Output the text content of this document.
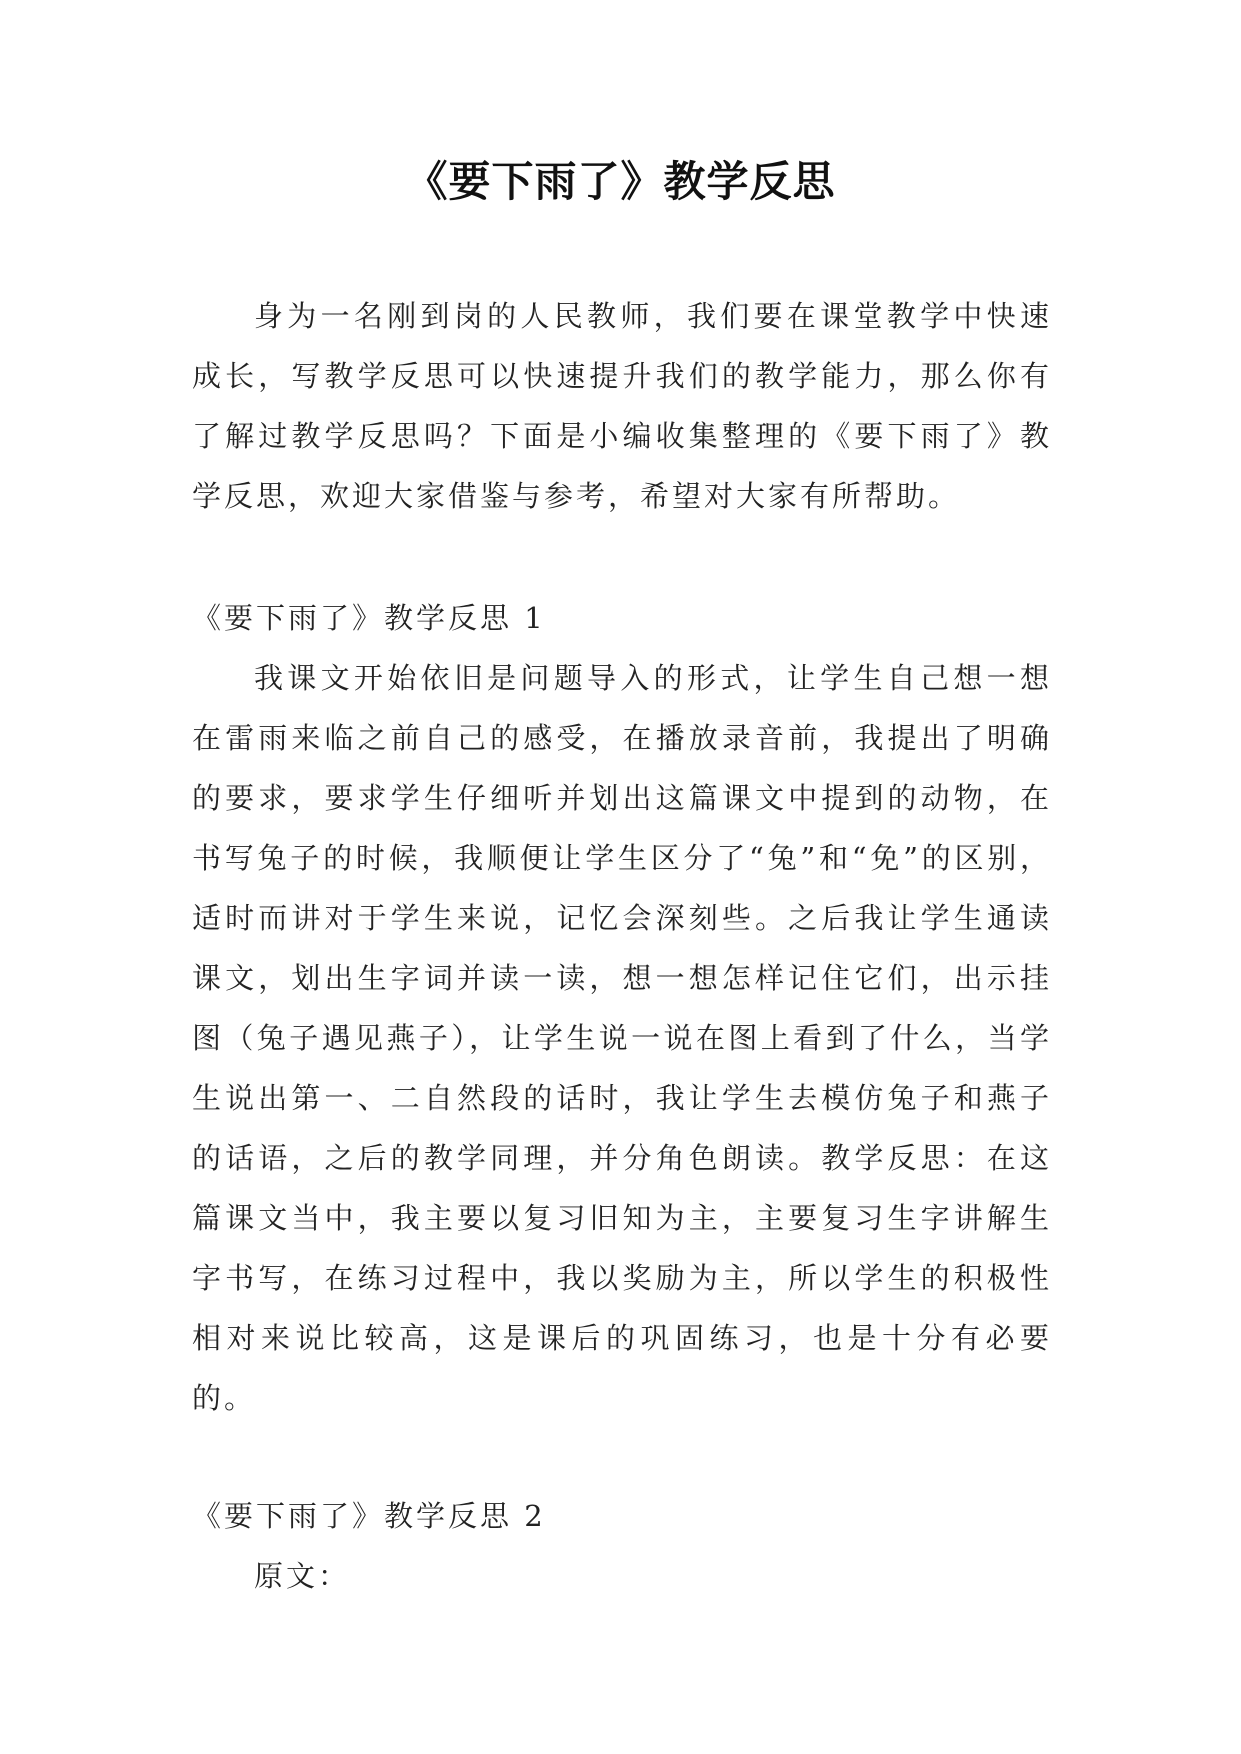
《要下雨了》教学反思

身为一名刚到岗的人民教师，我们要在课堂教学中快速成长，写教学反思可以快速提升我们的教学能力，那么你有了解过教学反思吗？下面是小编收集整理的《要下雨了》教学反思，欢迎大家借鉴与参考，希望对大家有所帮助。

《要下雨了》教学反思 1

我课文开始依旧是问题导入的形式，让学生自己想一想在雷雨来临之前自己的感受，在播放录音前，我提出了明确的要求，要求学生仔细听并划出这篇课文中提到的动物，在书写兔子的时候，我顺便让学生区分了“兔”和“免”的区别，适时而讲对于学生来说，记忆会深刻些。之后我让学生通读课文，划出生字词并读一读，想一想怎样记住它们，出示挂图（兔子遇见燕子），让学生说一说在图上看到了什么，当学生说出第一、二自然段的话时，我让学生去模仿兔子和燕子的话语，之后的教学同理，并分角色朗读。教学反思：在这篇课文当中，我主要以复习旧知为主，主要复习生字讲解生字书写，在练习过程中，我以奖励为主，所以学生的积极性相对来说比较高，这是课后的巩固练习，也是十分有必要的。

《要下雨了》教学反思 2

原文：
